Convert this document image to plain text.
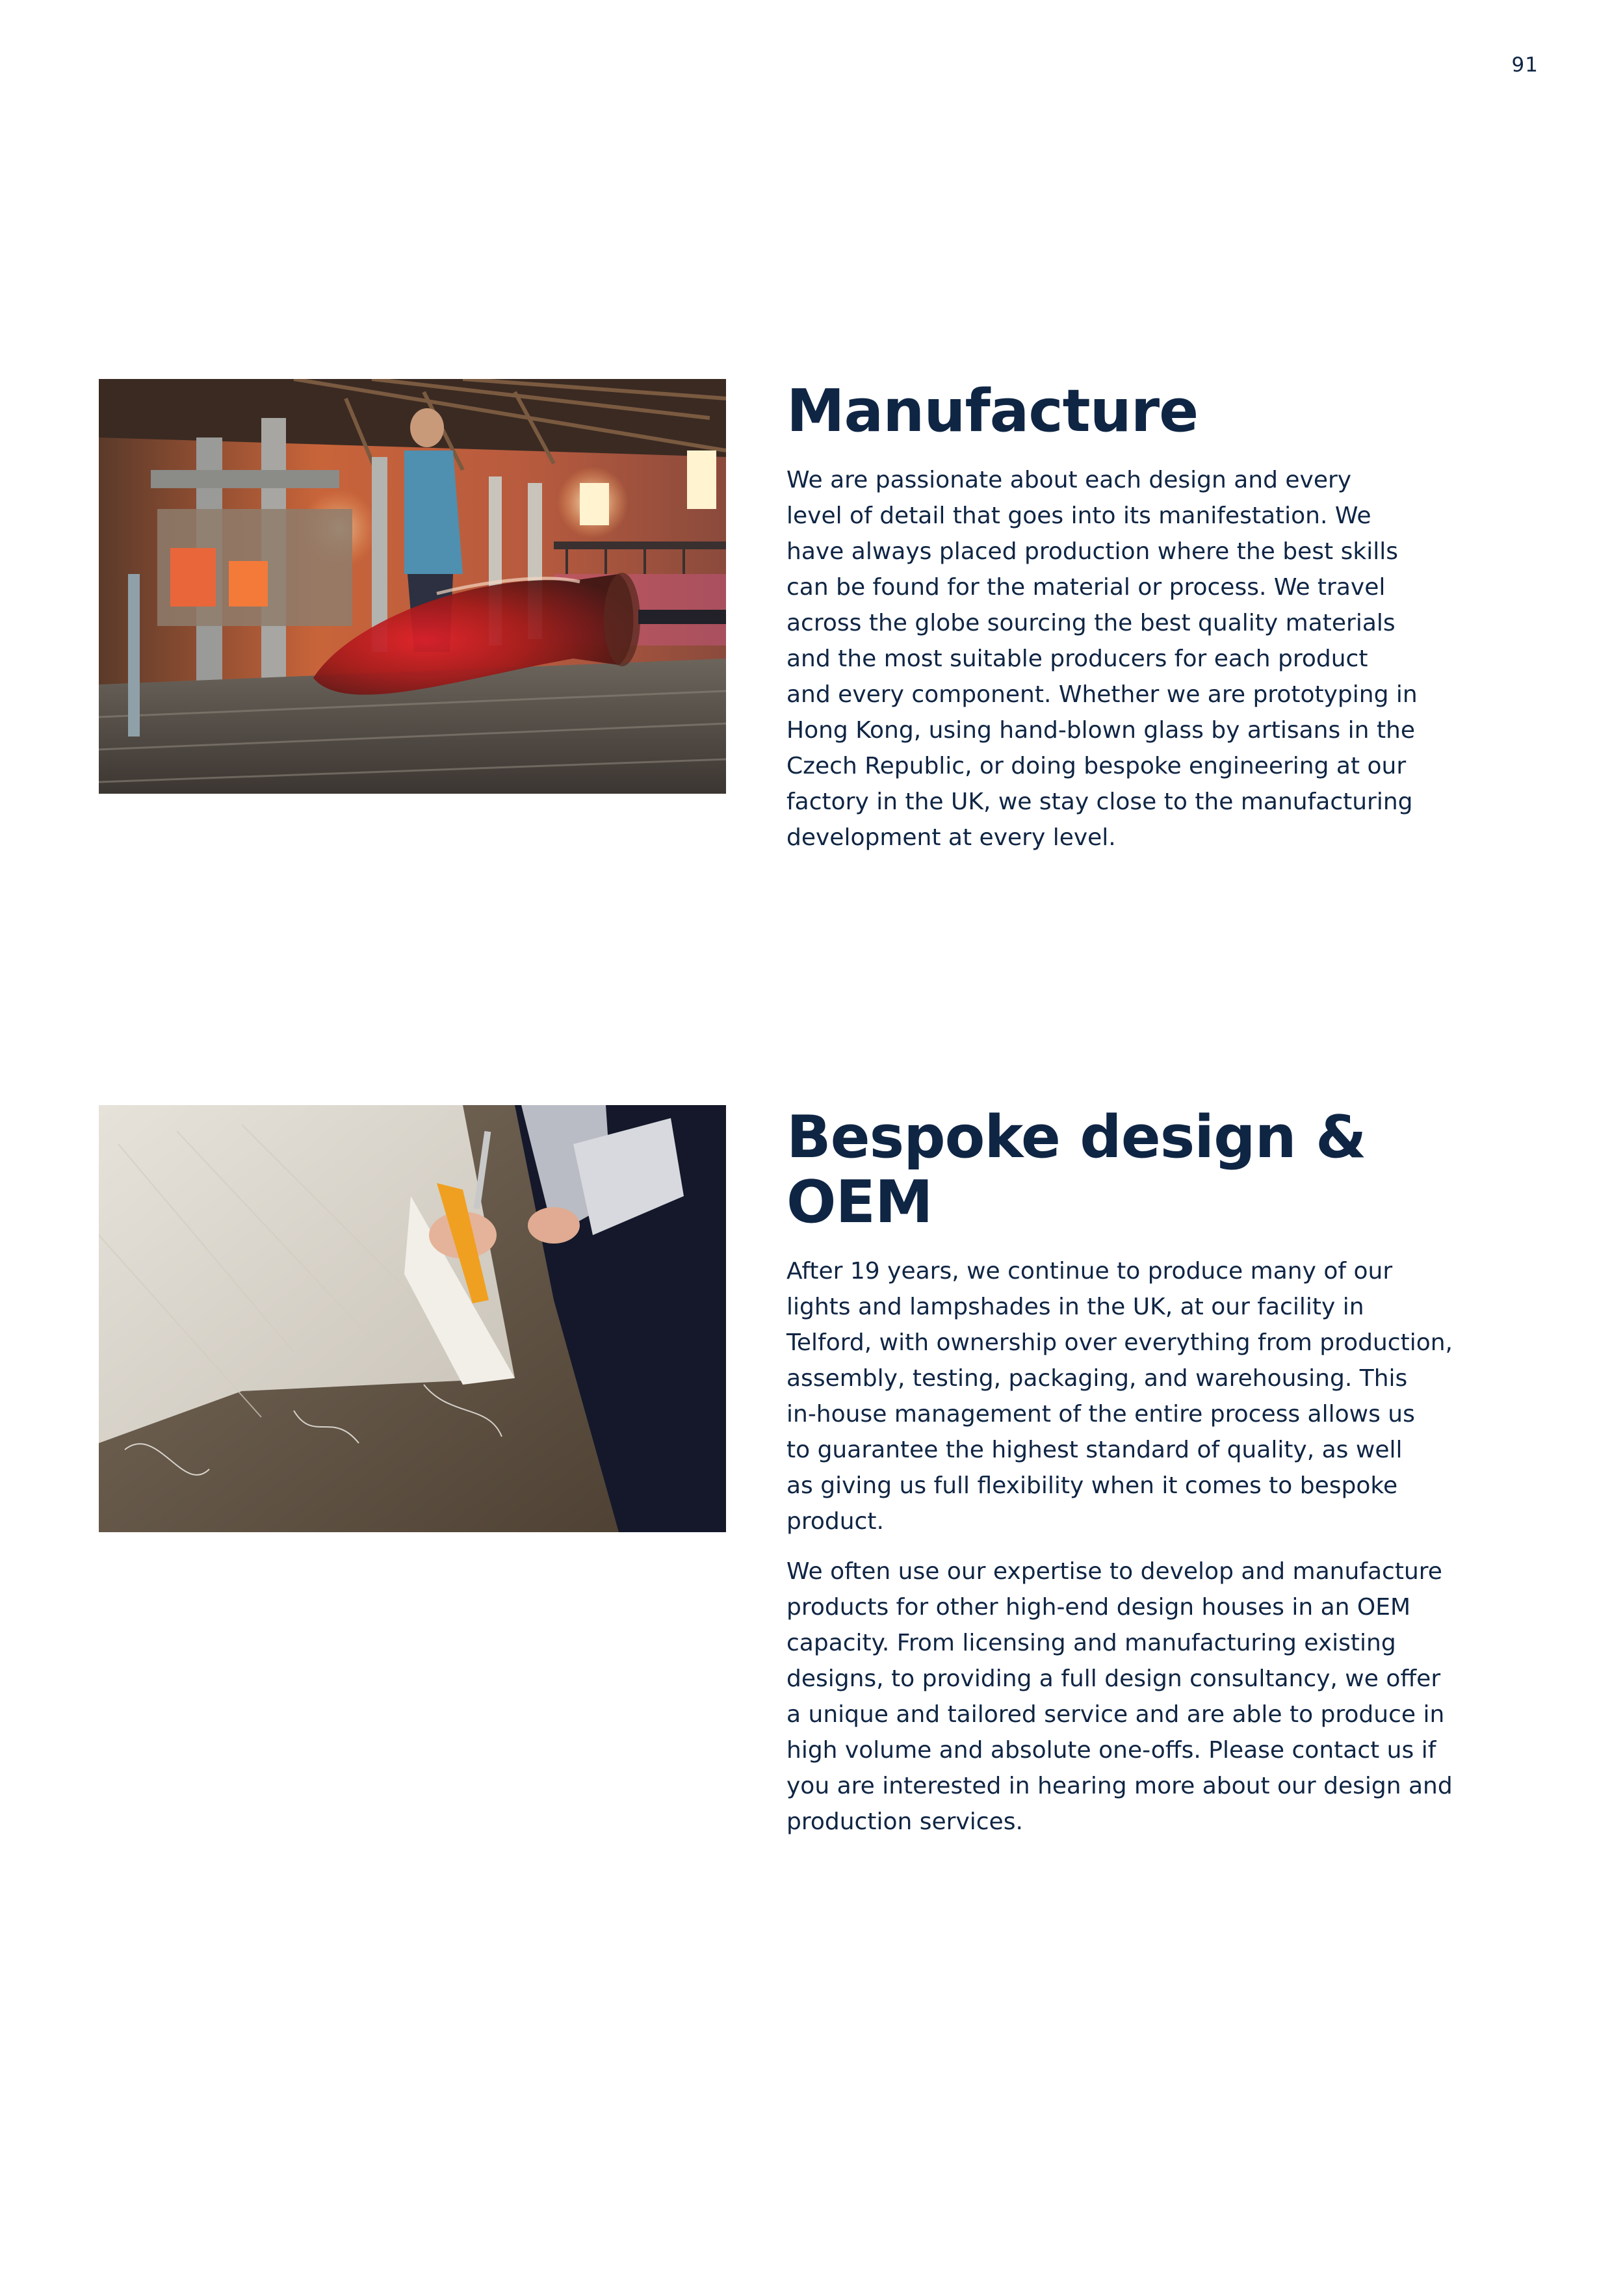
91
Manufacture

We are passionate about each design and every
level of detail that goes into its manifestation. We
have always placed production where the best skills
can be found for the material or process. We travel
across the globe sourcing the best quality materials
and the most suitable producers for each product
and every component. Whether we are prototyping in
Hong Kong, using hand-blown glass by artisans in the
Czech Republic, or doing bespoke engineering at our
factory in the UK, we stay close to the manufacturing
development at every level.

Bespoke design & OEM

After 19 years, we continue to produce many of our
lights and lampshades in the UK, at our facility in
Telford, with ownership over everything from production,
assembly, testing, packaging, and warehousing. This
in-house management of the entire process allows us
to guarantee the highest standard of quality, as well
as giving us full flexibility when it comes to bespoke
product.

We often use our expertise to develop and manufacture
products for other high-end design houses in an OEM
capacity. From licensing and manufacturing existing
designs, to providing a full design consultancy, we offer
a unique and tailored service and are able to produce in
high volume and absolute one-offs. Please contact us if
you are interested in hearing more about our design and
production services.
